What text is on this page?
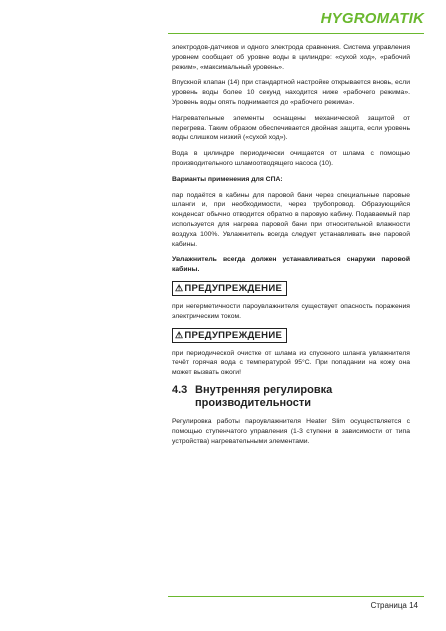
HYGROMATIK

электродов-датчиков и одного электрода сравнения. Система управления уровнем сообщает об уровне воды в цилиндре: «сухой ход», «рабочий режим», «максимальный уровень».

Впускной клапан (14) при стандартной настройке открывается вновь, если уровень воды более 10 секунд находится ниже «рабочего режима». Уровень воды опять поднимается до «рабочего режима».

Нагревательные элементы оснащены механической защитой от перегрева. Таким образом обеспечивается двойная защита, если уровень воды слишком низкий («сухой ход»).

Вода в цилиндре периодически очищается от шлама с помощью производительного шламоотводящего насоса (10).

Варианты применения для СПА:

пар подаётся в кабины для паровой бани через специальные паровые шланги и, при необходимости, через трубопровод. Образующийся конденсат обычно отводится обратно в паровую кабину. Подаваемый пар используется для нагрева паровой бани при относительной влажности воздуха 100%. Увлажнитель всегда следует устанавливать вне паровой кабины.

Увлажнитель всегда должен устанавливаться снаружи паровой кабины.

⚠ПРЕДУПРЕЖДЕНИЕ

при негерметичности пароувлажнителя существует опасность поражения электрическим током.

⚠ПРЕДУПРЕЖДЕНИЕ

при периодической очистке от шлама из спускного шланга увлажнителя течёт горячая вода с температурой 95°C. При попадании на кожу она может вызвать ожоги!

4.3 Внутренняя регулировка производительности

Регулировка работы пароувлажнителя Heater Slim осуществляется с помощью ступенчатого управления (1-3 ступени в зависимости от типа устройства) нагревательными элементами.

Страница 14
